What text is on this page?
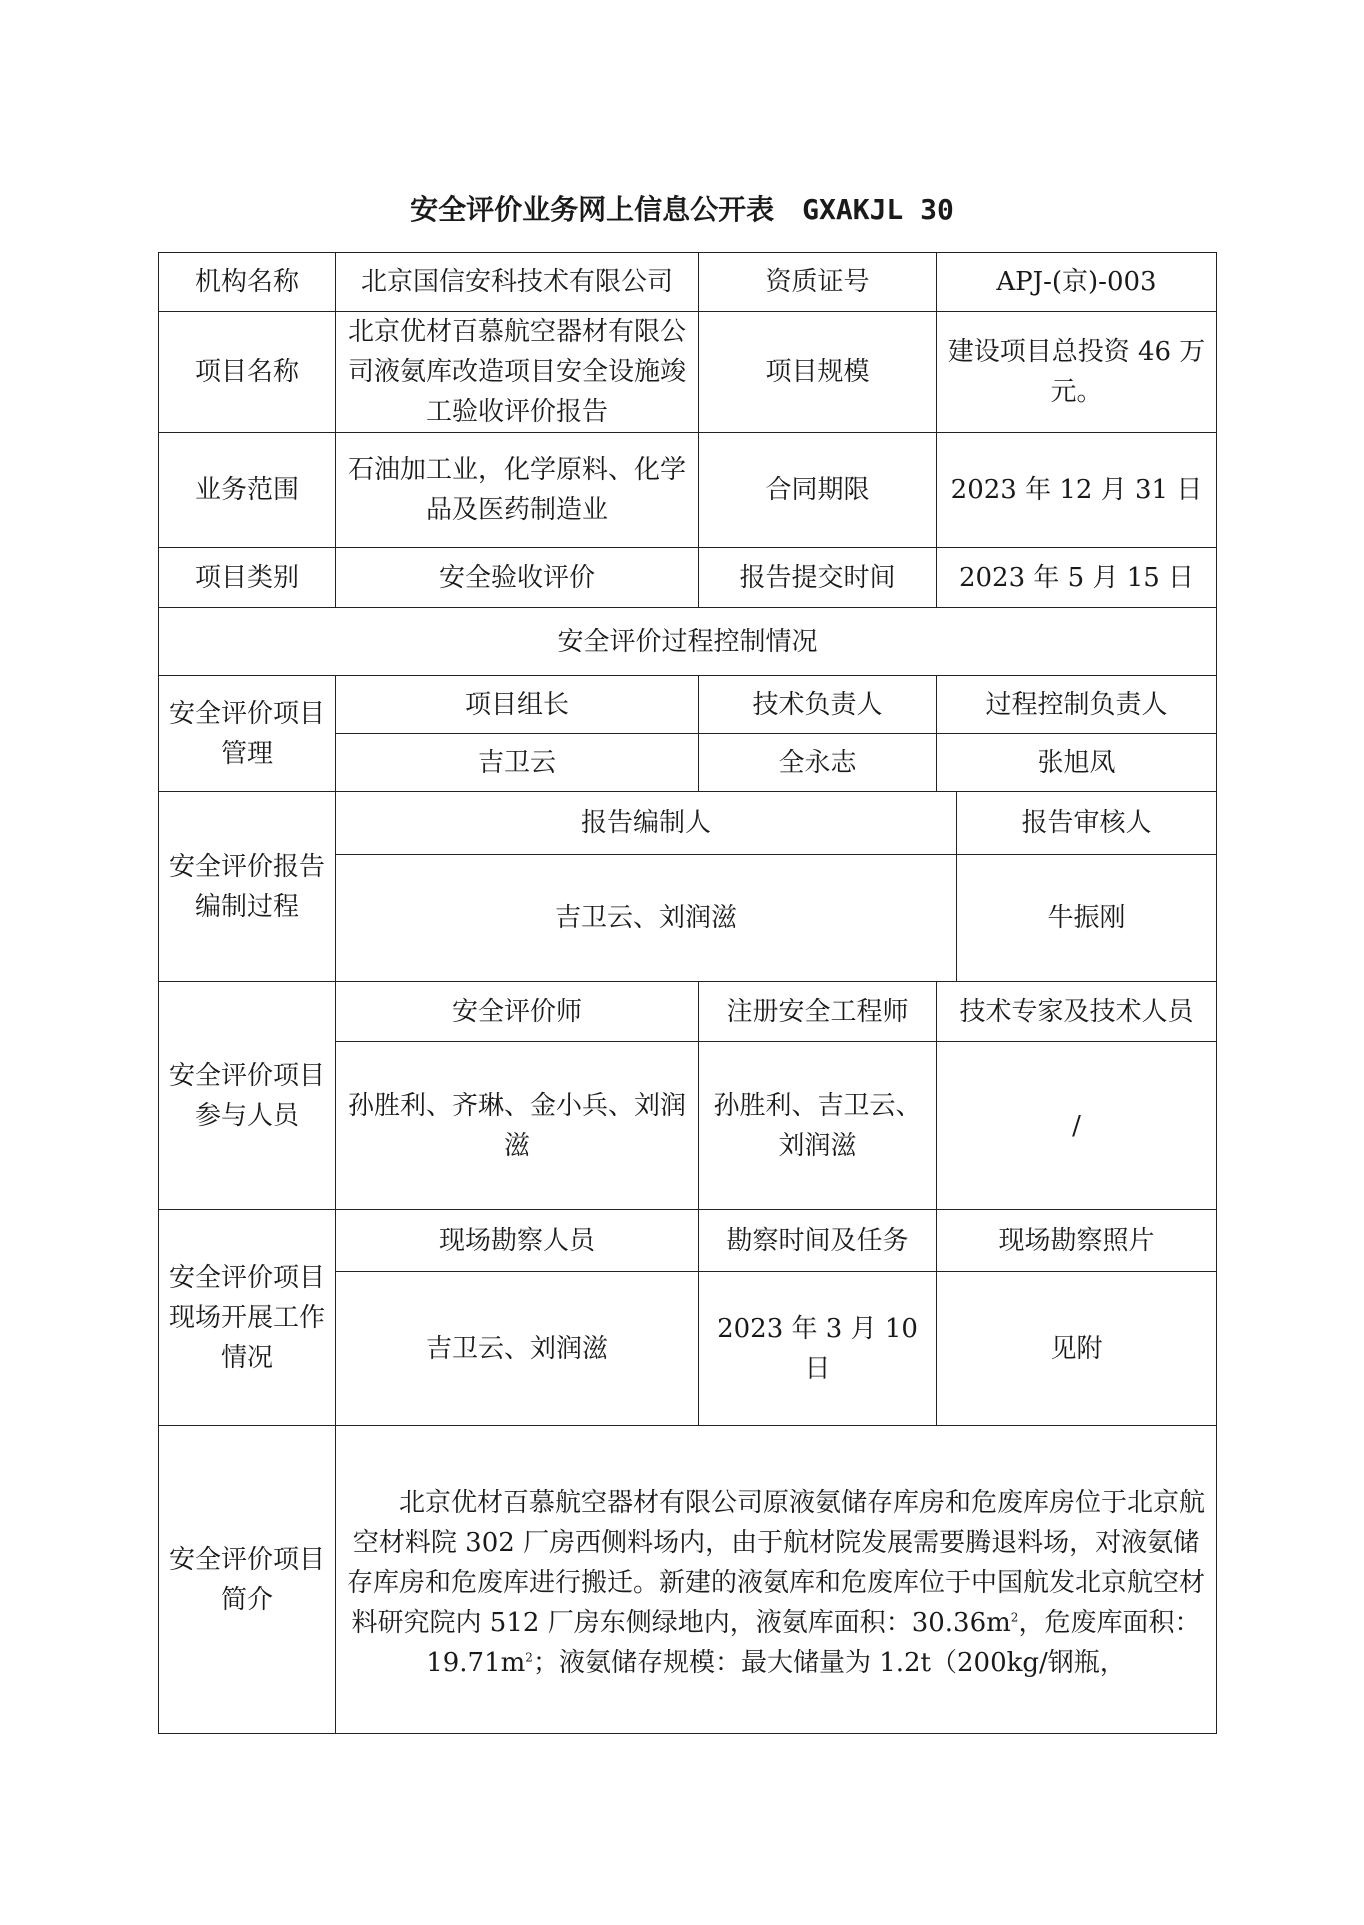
安全评价业务网上信息公开表 GXAKJL 30
机构名称	北京国信安科技术有限公司	资质证号	APJ-(京)-003	
项目名称	北京优材百慕航空器材有限公司液氨库改造项目安全设施竣工验收评价报告	项目规模	建设项目总投资 46 万元。	
业务范围	石油加工业，化学原料、化学品及医药制造业	合同期限	2023 年 12 月 31 日	
项目类别	安全验收评价	报告提交时间	2023 年 5 月 15 日	
安全评价过程控制情况				
安全评价项目管理	项目组长	技术负责人	过程控制负责人	
	吉卫云	全永志	张旭凤	
安全评价报告编制过程	报告编制人			报告审核人
	吉卫云、刘润滋			牛振刚
安全评价项目参与人员	安全评价师	注册安全工程师	技术专家及技术人员	
	孙胜利、齐琳、金小兵、刘润滋	孙胜利、吉卫云、刘润滋	/	
安全评价项目现场开展工作情况	现场勘察人员	勘察时间及任务	现场勘察照片	
	吉卫云、刘润滋	2023 年 3 月 10 日	见附	
安全评价项目简介	北京优材百慕航空器材有限公司原液氨储存库房和危废库房位于北京航空材料院 302 厂房西侧料场内，由于航材院发展需要腾退料场，对液氨储存库房和危废库进行搬迁。新建的液氨库和危废库位于中国航发北京航空材料研究院内 512 厂房东侧绿地内，液氨库面积：$30.36m^2$，危废库面积：$19.71m^2$；液氨储存规模：最大储量为 1.2t（200kg/钢瓶，			
